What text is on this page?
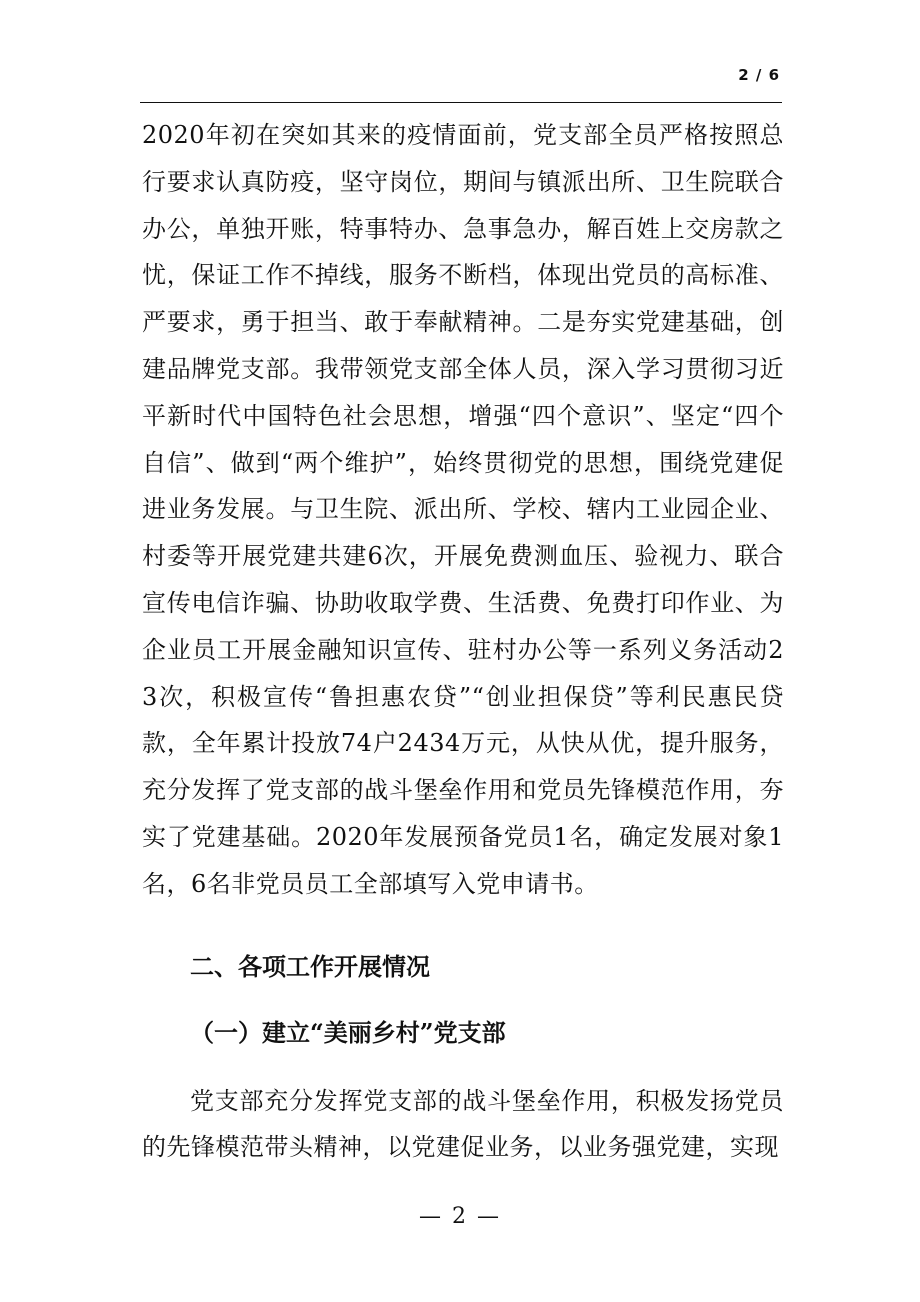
2 / 6

2020年初在突如其来的疫情面前，党支部全员严格按照总行要求认真防疫，坚守岗位，期间与镇派出所、卫生院联合办公，单独开账，特事特办、急事急办，解百姓上交房款之忧，保证工作不掉线，服务不断档，体现出党员的高标准、严要求，勇于担当、敢于奉献精神。二是夯实党建基础，创建品牌党支部。我带领党支部全体人员，深入学习贯彻习近平新时代中国特色社会思想，增强“四个意识”、坚定“四个自信”、做到“两个维护”，始终贯彻党的思想，围绕党建促进业务发展。与卫生院、派出所、学校、辖内工业园企业、村委等开展党建共建6次，开展免费测血压、验视力、联合宣传电信诈骗、协助收取学费、生活费、免费打印作业、为企业员工开展金融知识宣传、驻村办公等一系列义务活动23次，积极宣传“鲁担惠农贷”“创业担保贷”等利民惠民贷款，全年累计投放74户2434万元，从快从优，提升服务，充分发挥了党支部的战斗堡垒作用和党员先锋模范作用，夯实了党建基础。2020年发展预备党员1名，确定发展对象1名，6名非党员员工全部填写入党申请书。

二、各项工作开展情况
（一）建立“美丽乡村”党支部

党支部充分发挥党支部的战斗堡垒作用，积极发扬党员的先锋模范带头精神，以党建促业务，以业务强党建，实现

— 2 —
